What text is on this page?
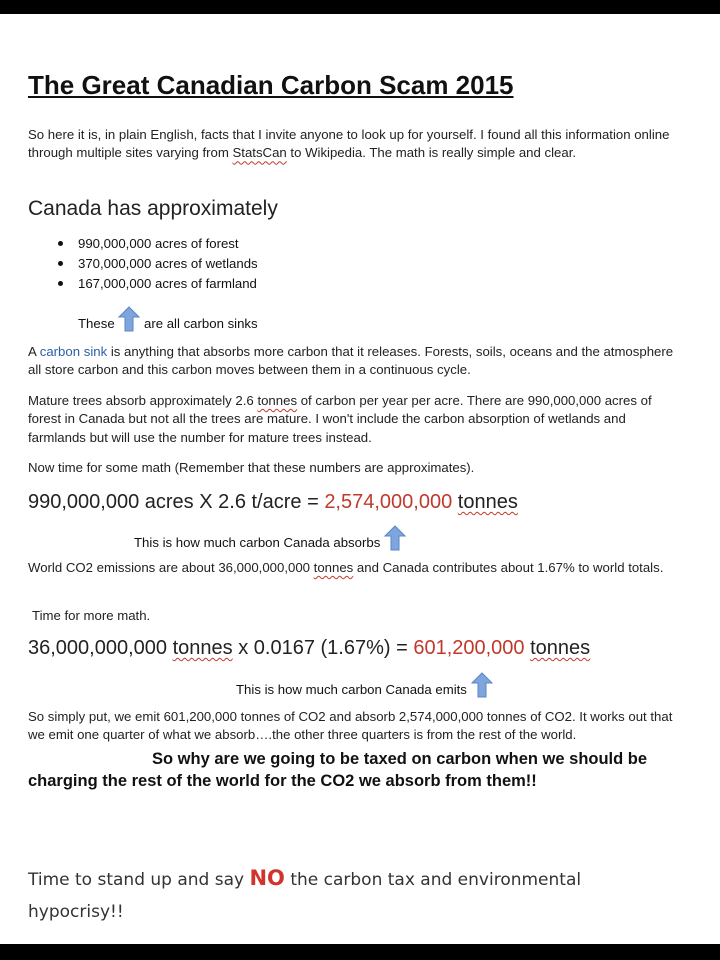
The Great Canadian Carbon Scam 2015

So here it is, in plain English, facts that I invite anyone to look up for yourself. I found all this information online through multiple sites varying from StatsCan to Wikipedia. The math is really simple and clear.

Canada has approximately
990,000,000 acres of forest
370,000,000 acres of wetlands
167,000,000 acres of farmland
These are all carbon sinks

A carbon sink is anything that absorbs more carbon that it releases. Forests, soils, oceans and the atmosphere all store carbon and this carbon moves between them in a continuous cycle.

Mature trees absorb approximately 2.6 tonnes of carbon per year per acre. There are 990,000,000 acres of forest in Canada but not all the trees are mature. I won't include the carbon absorption of wetlands and farmlands but will use the number for mature trees instead.

Now time for some math (Remember that these numbers are approximates).

990,000,000 acres X 2.6 t/acre = 2,574,000,000 tonnes
This is how much carbon Canada absorbs

World CO2 emissions are about 36,000,000,000 tonnes and Canada contributes about 1.67% to world totals.

Time for more math.

36,000,000,000 tonnes x 0.0167 (1.67%) = 601,200,000 tonnes
This is how much carbon Canada emits

So simply put, we emit 601,200,000 tonnes of CO2 and absorb 2,574,000,000 tonnes of CO2. It works out that we emit one quarter of what we absorb….the other three quarters is from the rest of the world.

So why are we going to be taxed on carbon when we should be charging the rest of the world for the CO2 we absorb from them!!

Time to stand up and say NO the carbon tax and environmental hypocrisy!!
